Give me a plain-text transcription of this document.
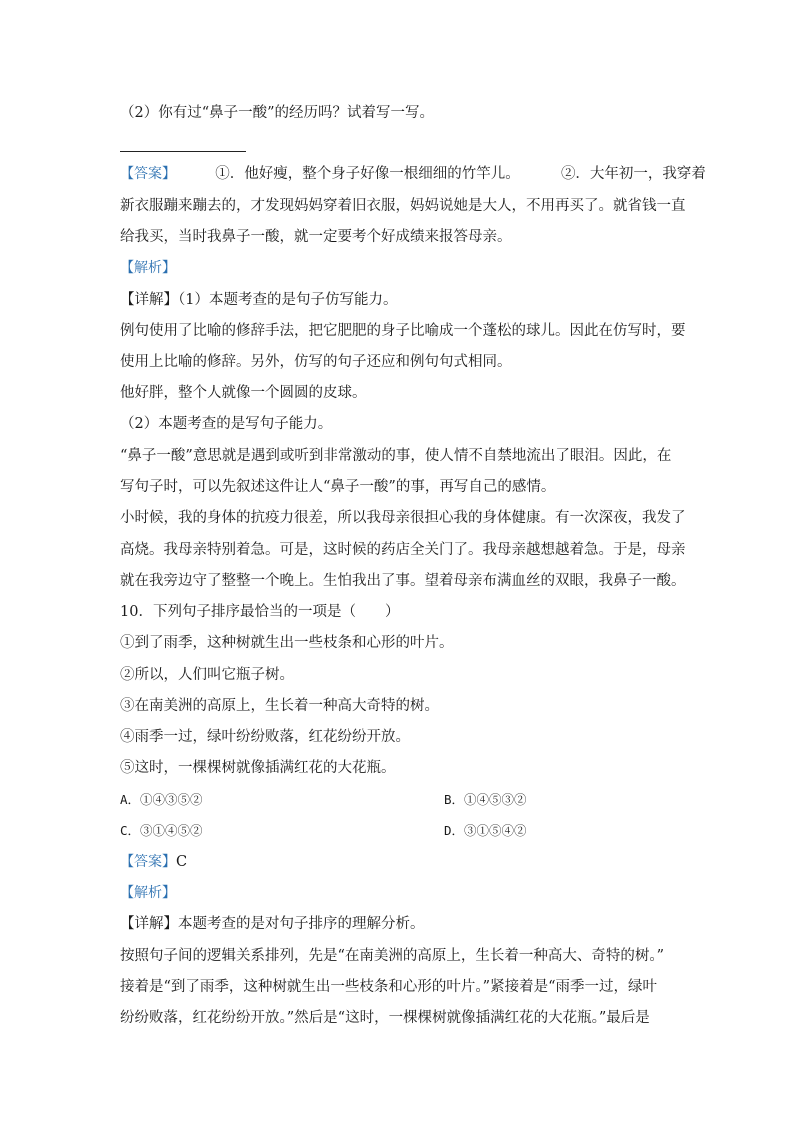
（2）你有过“鼻子一酸”的经历吗？试着写一写。
【答案】	①．他好瘦，整个身子好像一根细细的竹竿儿。	②．大年初一，我穿着
新衣服蹦来蹦去的，才发现妈妈穿着旧衣服，妈妈说她是大人，不用再买了。就省钱一直
给我买，当时我鼻子一酸，就一定要考个好成绩来报答母亲。
【解析】
【详解】（1）本题考查的是句子仿写能力。
例句使用了比喻的修辞手法，把它肥肥的身子比喻成一个蓬松的球儿。因此在仿写时，要
使用上比喻的修辞。另外，仿写的句子还应和例句句式相同。
他好胖，整个人就像一个圆圆的皮球。
（2）本题考查的是写句子能力。
“鼻子一酸”意思就是遇到或听到非常激动的事，使人情不自禁地流出了眼泪。因此，在
写句子时，可以先叙述这件让人“鼻子一酸”的事，再写自己的感情。
小时候，我的身体的抗疫力很差，所以我母亲很担心我的身体健康。有一次深夜，我发了
高烧。我母亲特别着急。可是，这时候的药店全关门了。我母亲越想越着急。于是，母亲
就在我旁边守了整整一个晚上。生怕我出了事。望着母亲布满血丝的双眼，我鼻子一酸。
10．下列句子排序最恰当的一项是（　　）
①到了雨季，这种树就生出一些枝条和心形的叶片。
②所以，人们叫它瓶子树。
③在南美洲的高原上，生长着一种高大奇特的树。
④雨季一过，绿叶纷纷败落，红花纷纷开放。
⑤这时，一棵棵树就像插满红花的大花瓶。
A．①④③⑤②	B．①④⑤③②
C．③①④⑤②	D．③①⑤④②
【答案】C
【解析】
【详解】本题考查的是对句子排序的理解分析。
按照句子间的逻辑关系排列，先是“在南美洲的高原上，生长着一种高大、奇特的树。”
接着是“到了雨季，这种树就生出一些枝条和心形的叶片。”紧接着是“雨季一过，绿叶
纷纷败落，红花纷纷开放。”然后是“这时，一棵棵树就像插满红花的大花瓶。”最后是
